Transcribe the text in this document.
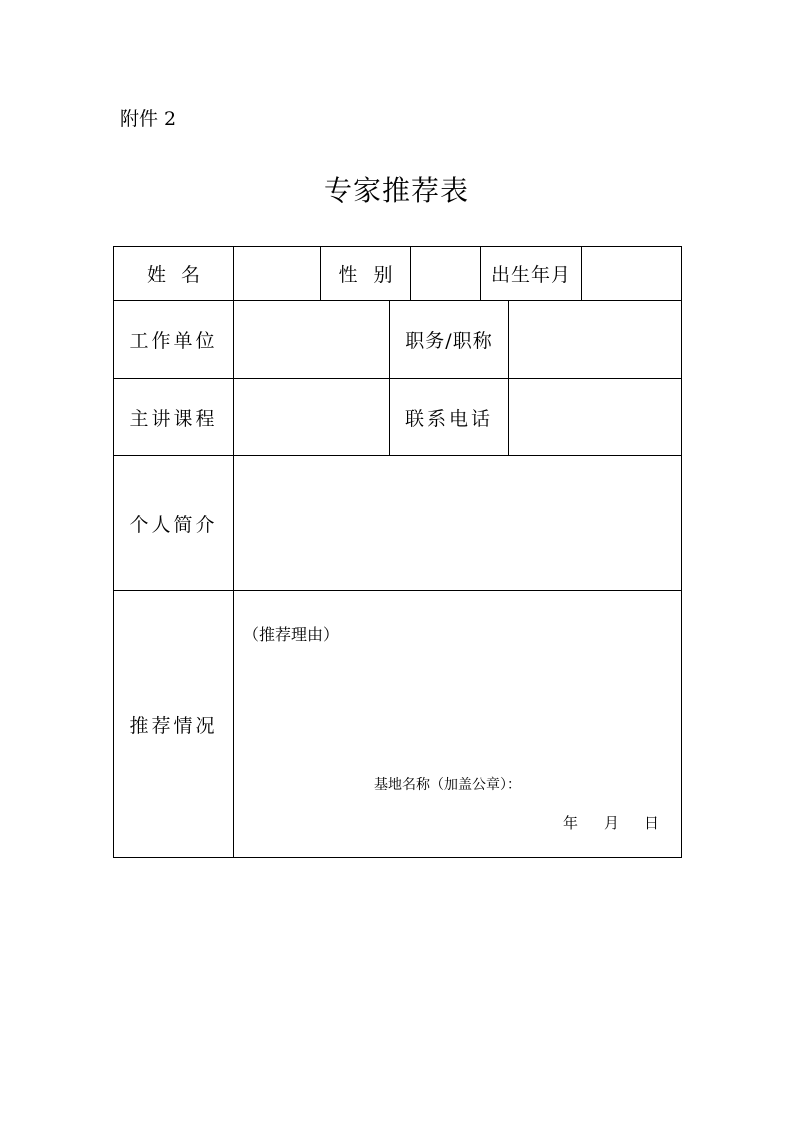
附件 2
专家推荐表
姓名	性别	出生年月
工作单位	职务/职称
主讲课程	联系电话
个人简介
推荐情况
（推荐理由）
基地名称（加盖公章）：
年 月 日
